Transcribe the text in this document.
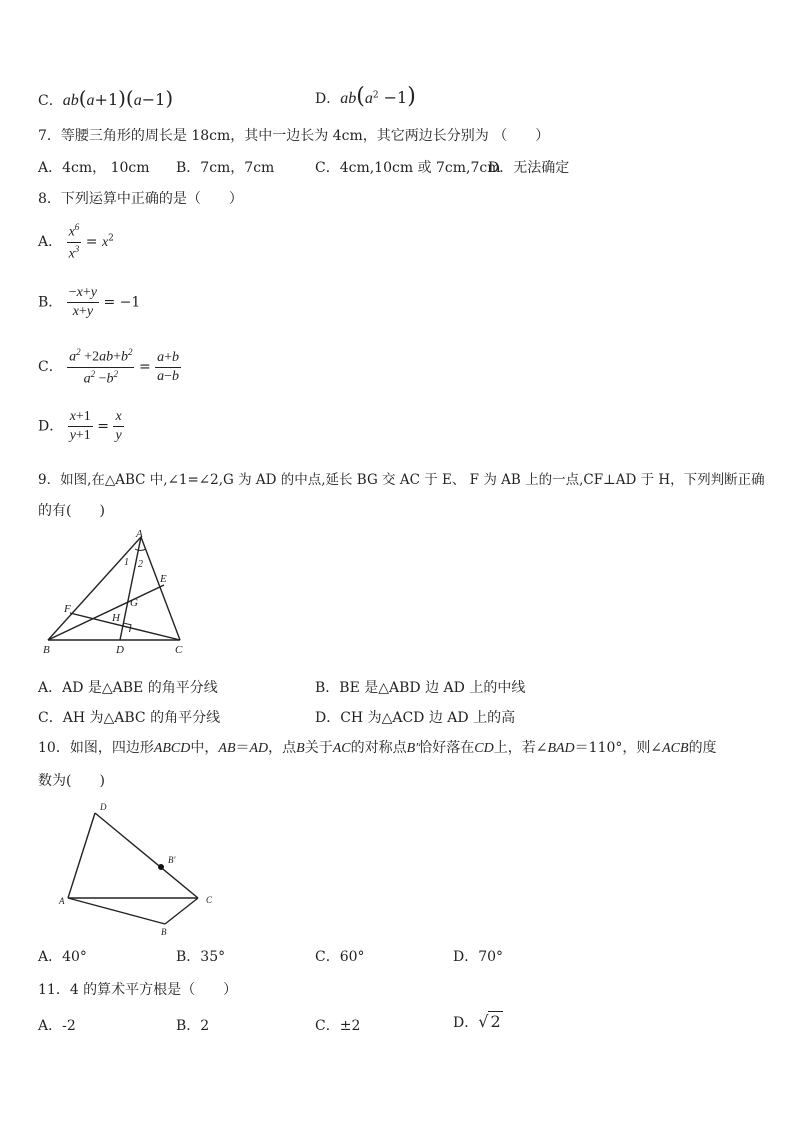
C．ab(a+1)(a−1)	D．$ab(a^2 -1)$
7．等腰三角形的周长是 18cm，其中一边长为 4cm，其它两边长分别为 （　　）
A．4cm， 10cm B．7cm，7cm	C．4cm,10cm 或 7cm,7cm
D．无法确定
8．下列运算中正确的是（　　）
A． $\frac{x^6}{x^3} = x^2$
B． $\frac{-x+y}{x+y} = -1$
C． $\frac{a^2 +2ab+b^2}{a^2 -b^2} = \frac{a+b}{a-b}$
D． $\frac{x+1}{y+1} = \frac{x}{y}$
9．如图,在△ABC 中,∠1=∠2,G 为 AD 的中点,延长 BG 交 AC 于 E、 F 为 AB 上的一点,CF⊥AD 于 H，下列判断正确
的有(　　)
A
B	C
D
E
F	G
H
1 2
A．AD 是△ABE 的角平分线	B．BE 是△ABD 边 AD 上的中线
C．AH 为△ABC 的角平分线	D．CH 为△ACD 边 AD 上的高
10．如图，四边形ABCD中，AB＝AD，点B关于AC的对称点B′恰好落在CD上，若∠BAD＝110°，则∠ACB的度
数为(　　)
D
A	C
B
B′
A．40°	B．35°	C．60°	D．70°
11．4 的算术平方根是（　　）
A．-2	B．2	C．±2	D．√ 2
